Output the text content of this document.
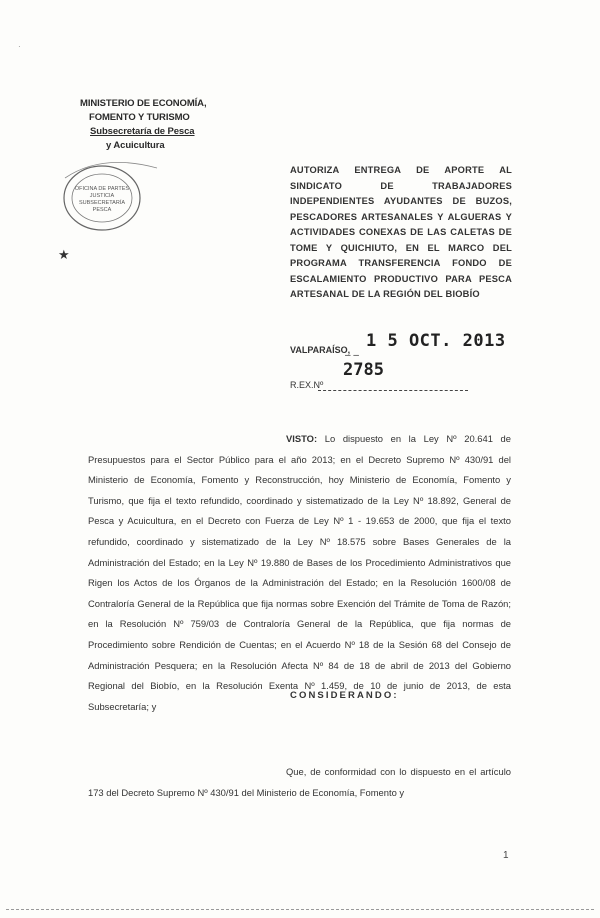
·
MINISTERIO DE ECONOMÍA,
FOMENTO Y TURISMO
Subsecretaría de Pesca
y Acuicultura
OFICINA DE PARTES
JUSTICIA
SUBSECRETARÍA
PESCA
★
AUTORIZA ENTREGA DE APORTE AL SINDICATO DE TRABAJADORES INDEPENDIENTES AYUDANTES DE BUZOS, PESCADORES ARTESANALES Y ALGUERAS Y ACTIVIDADES CONEXAS DE LAS CALETAS DE TOME Y QUICHIUTO, EN EL MARCO DEL PROGRAMA TRANSFERENCIA FONDO DE ESCALAMIENTO PRODUCTIVO PARA PESCA ARTESANAL DE LA REGIÓN DEL BIOBÍO
VALPARAÍSO, 1 5 OCT. 2013
– –
2785
R.EX.Nº
VISTO: Lo dispuesto en la Ley Nº 20.641 de Presupuestos para el Sector Público para el año 2013; en el Decreto Supremo Nº 430/91 del Ministerio de Economía, Fomento y Reconstrucción, hoy Ministerio de Economía, Fomento y Turismo, que fija el texto refundido, coordinado y sistematizado de la Ley Nº 18.892, General de Pesca y Acuicultura, en el Decreto con Fuerza de Ley Nº 1 - 19.653 de 2000, que fija el texto refundido, coordinado y sistematizado de la Ley Nº 18.575 sobre Bases Generales de la Administración del Estado; en la Ley Nº 19.880 de Bases de los Procedimiento Administrativos que Rigen los Actos de los Órganos de la Administración del Estado; en la Resolución 1600/08 de Contraloría General de la República que fija normas sobre Exención del Trámite de Toma de Razón; en la Resolución Nº 759/03 de Contraloría General de la República, que fija normas de Procedimiento sobre Rendición de Cuentas; en el Acuerdo Nº 18 de la Sesión 68 del Consejo de Administración Pesquera; en la Resolución Afecta Nº 84 de 18 de abril de 2013 del Gobierno Regional del Biobío, en la Resolución Exenta Nº 1.459, de 10 de junio de 2013, de esta Subsecretaría; y
CONSIDERANDO:
Que, de conformidad con lo dispuesto en el artículo 173 del Decreto Supremo Nº 430/91 del Ministerio de Economía, Fomento y
1
